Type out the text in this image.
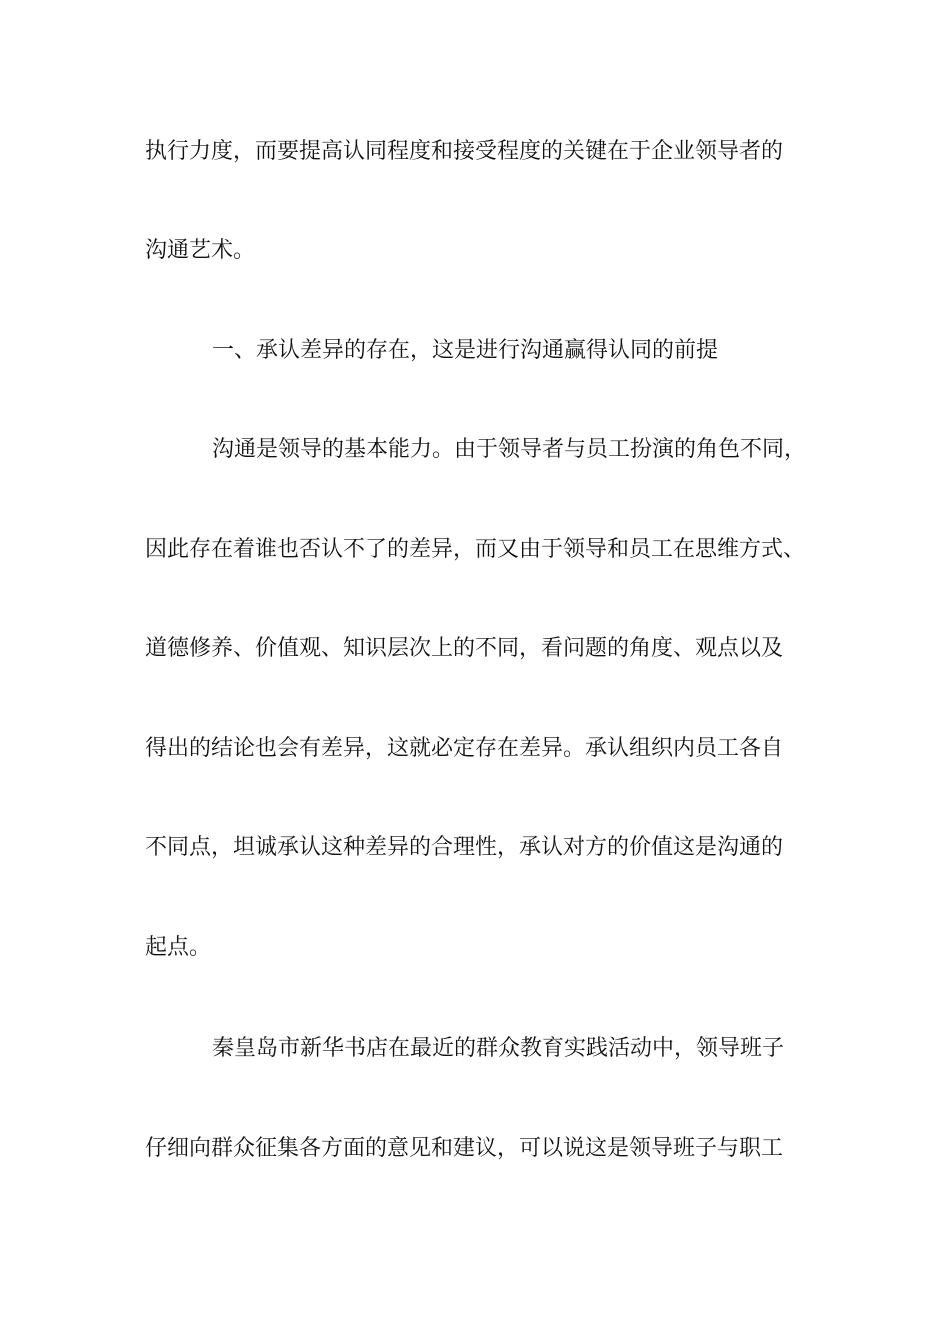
执行力度，而要提高认同程度和接受程度的关键在于企业领导者的

沟通艺术。

一、承认差异的存在，这是进行沟通赢得认同的前提

沟通是领导的基本能力。由于领导者与员工扮演的角色不同，

因此存在着谁也否认不了的差异，而又由于领导和员工在思维方式、

道德修养、价值观、知识层次上的不同，看问题的角度、观点以及

得出的结论也会有差异，这就必定存在差异。承认组织内员工各自

不同点，坦诚承认这种差异的合理性，承认对方的价值这是沟通的

起点。

秦皇岛市新华书店在最近的群众教育实践活动中，领导班子

仔细向群众征集各方面的意见和建议，可以说这是领导班子与职工
